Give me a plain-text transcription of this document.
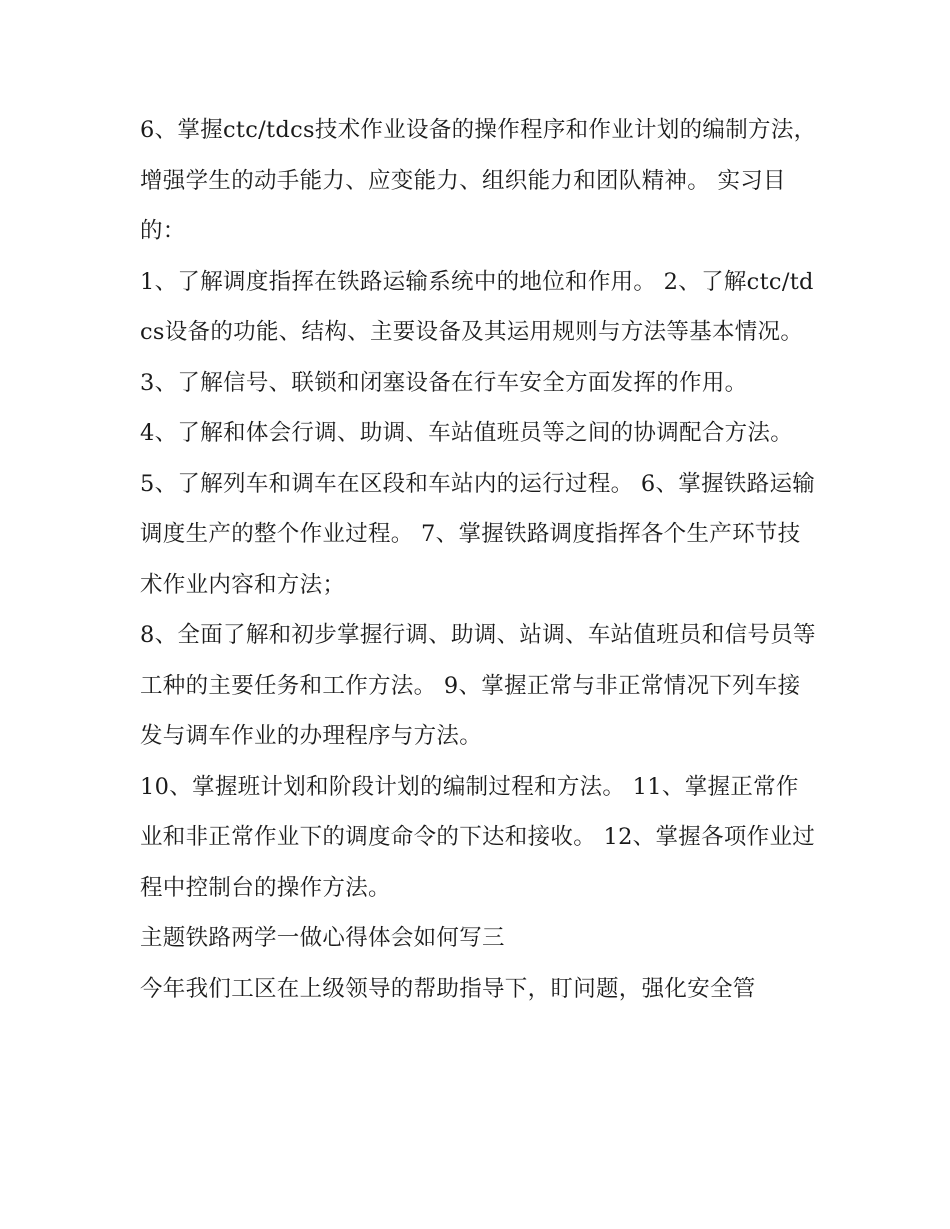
6、掌握ctc/tdcs技术作业设备的操作程序和作业计划的编制方法，增强学生的动手能力、应变能力、组织能力和团队精神。 实习目的：

1、了解调度指挥在铁路运输系统中的地位和作用。 2、了解ctc/tdcs设备的功能、结构、主要设备及其运用规则与方法等基本情况。

3、了解信号、联锁和闭塞设备在行车安全方面发挥的作用。

4、了解和体会行调、助调、车站值班员等之间的协调配合方法。

5、了解列车和调车在区段和车站内的运行过程。 6、掌握铁路运输调度生产的整个作业过程。 7、掌握铁路调度指挥各个生产环节技术作业内容和方法；

8、全面了解和初步掌握行调、助调、站调、车站值班员和信号员等工种的主要任务和工作方法。 9、掌握正常与非正常情况下列车接发与调车作业的办理程序与方法。

10、掌握班计划和阶段计划的编制过程和方法。 11、掌握正常作业和非正常作业下的调度命令的下达和接收。 12、掌握各项作业过程中控制台的操作方法。

主题铁路两学一做心得体会如何写三

今年我们工区在上级领导的帮助指导下，盯问题，强化安全管
